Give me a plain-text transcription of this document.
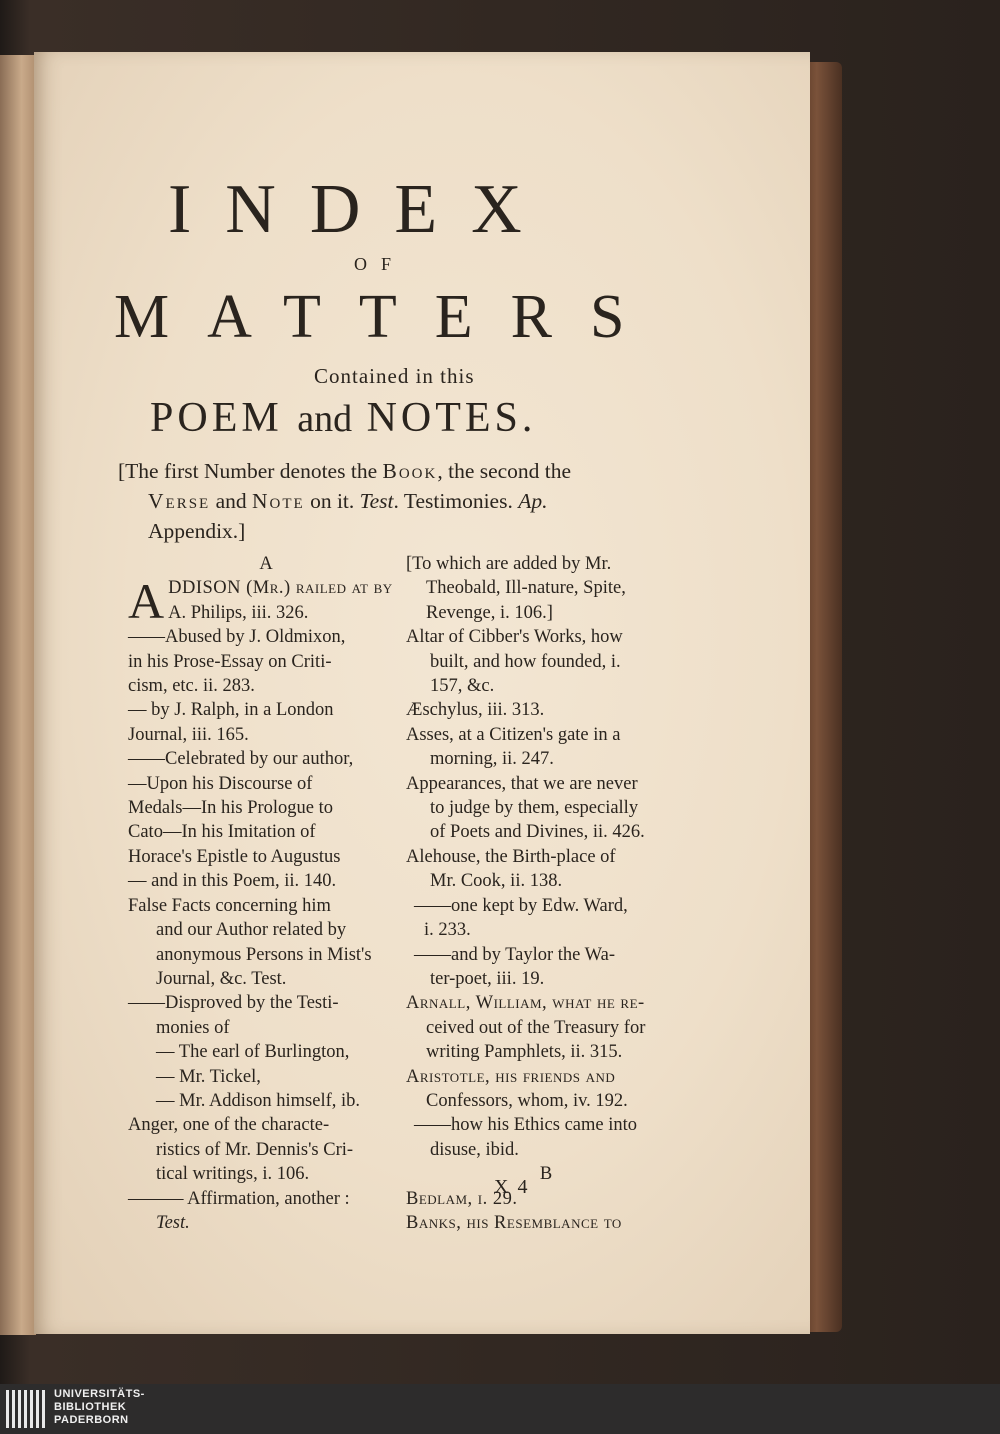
INDEX
OF
MATTERS
Contained in this
POEM and NOTES.

[The first Number denotes the Book, the second the

Verse and Note on it. Test. Testimonies. Ap.

Appendix.]

A
A DDISON (Mr.) railed at by
A. Philips, iii. 326.
——Abused by J. Oldmixon,
in his Prose-Essay on Criti-
cism, etc. ii. 283.
— by J. Ralph, in a London
Journal, iii. 165.
——Celebrated by our author,
—Upon his Discourse of
Medals—In his Prologue to
Cato—In his Imitation of
Horace's Epistle to Augustus
— and in this Poem, ii. 140.
False Facts concerning him
and our Author related by
anonymous Persons in Mist's
Journal, &c. Test.
——Disproved by the Testi-
monies of
— The earl of Burlington,
— Mr. Tickel,
— Mr. Addison himself, ib.
Anger, one of the characte-
ristics of Mr. Dennis's Cri-
tical writings, i. 106.
——— Affirmation, another :
Test.
[To which are added by Mr.
Theobald, Ill-nature, Spite,
Revenge, i. 106.]
Altar of Cibber's Works, how
built, and how founded, i.
157, &c.
Æschylus, iii. 313.
Asses, at a Citizen's gate in a
morning, ii. 247.
Appearances, that we are never
to judge by them, especially
of Poets and Divines, ii. 426.
Alehouse, the Birth-place of
Mr. Cook, ii. 138.
——one kept by Edw. Ward,
i. 233.
——and by Taylor the Wa-
ter-poet, iii. 19.
Arnall, William, what he re-
ceived out of the Treasury for
writing Pamphlets, ii. 315.
Aristotle, his friends and
Confessors, whom, iv. 192.
——how his Ethics came into
disuse, ibid.
B
Bedlam, i. 29.
Banks, his Resemblance to
X 4
UNIVERSITÄTS-
BIBLIOTHEK
PADERBORN
